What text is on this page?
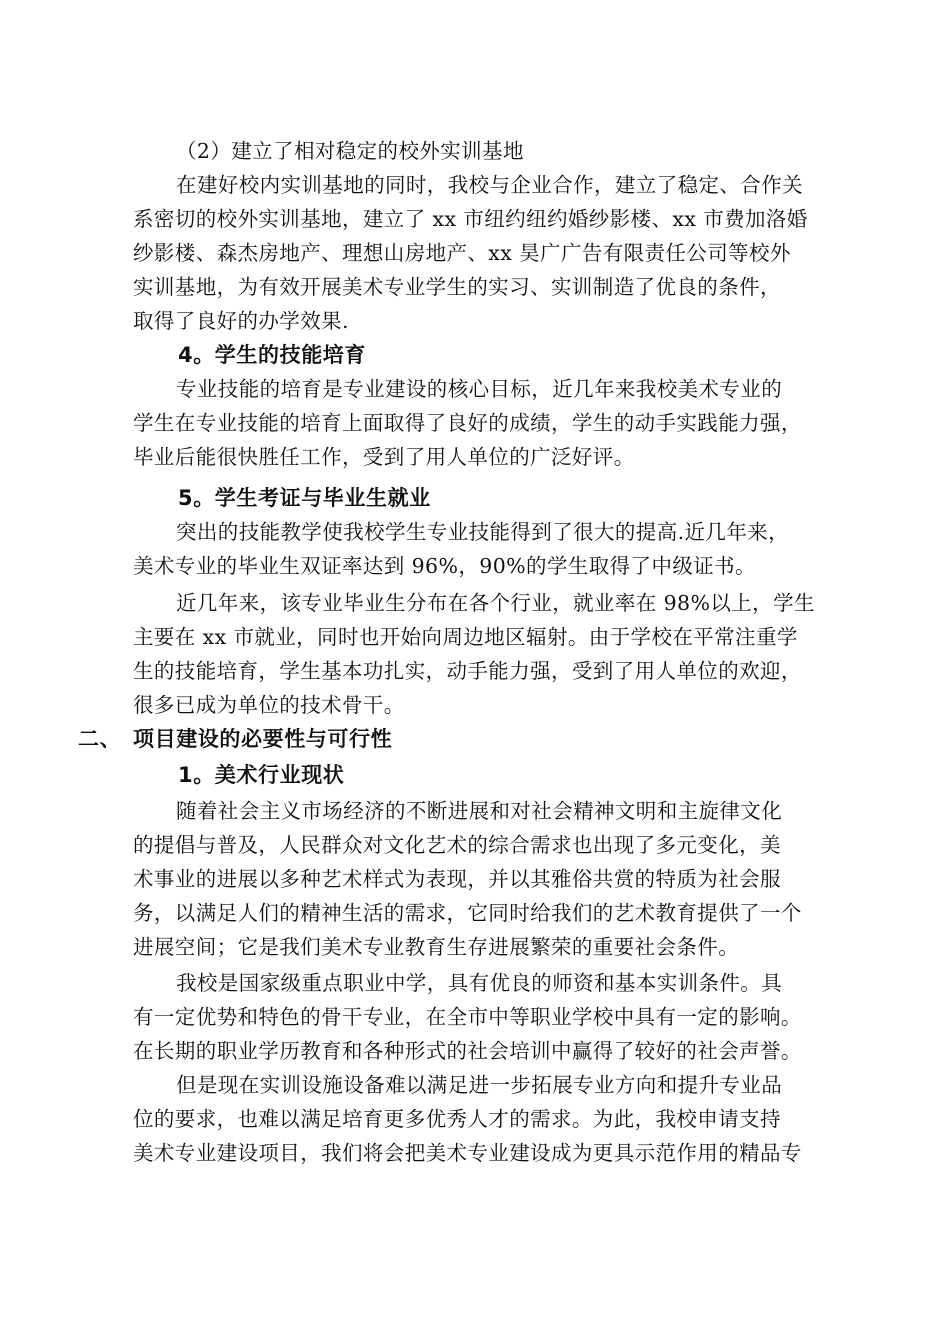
（2）建立了相对稳定的校外实训基地
在建好校内实训基地的同时，我校与企业合作，建立了稳定、合作关
系密切的校外实训基地，建立了 xx 市纽约纽约婚纱影楼、xx 市费加洛婚
纱影楼、森杰房地产、理想山房地产、xx 昊广广告有限责任公司等校外
实训基地，为有效开展美术专业学生的实习、实训制造了优良的条件，
取得了良好的办学效果.
4。学生的技能培育
专业技能的培育是专业建设的核心目标，近几年来我校美术专业的
学生在专业技能的培育上面取得了良好的成绩，学生的动手实践能力强，
毕业后能很快胜任工作，受到了用人单位的广泛好评。
5。学生考证与毕业生就业
突出的技能教学使我校学生专业技能得到了很大的提高.近几年来，
美术专业的毕业生双证率达到 96%，90%的学生取得了中级证书。
近几年来，该专业毕业生分布在各个行业，就业率在 98%以上，学生
主要在 xx 市就业，同时也开始向周边地区辐射。由于学校在平常注重学
生的技能培育，学生基本功扎实，动手能力强，受到了用人单位的欢迎，
很多已成为单位的技术骨干。
二、 项目建设的必要性与可行性
1。美术行业现状
随着社会主义市场经济的不断进展和对社会精神文明和主旋律文化
的提倡与普及，人民群众对文化艺术的综合需求也出现了多元变化，美
术事业的进展以多种艺术样式为表现，并以其雅俗共赏的特质为社会服
务，以满足人们的精神生活的需求，它同时给我们的艺术教育提供了一个
进展空间；它是我们美术专业教育生存进展繁荣的重要社会条件。
我校是国家级重点职业中学，具有优良的师资和基本实训条件。具
有一定优势和特色的骨干专业，在全市中等职业学校中具有一定的影响。
在长期的职业学历教育和各种形式的社会培训中赢得了较好的社会声誉。
但是现在实训设施设备难以满足进一步拓展专业方向和提升专业品
位的要求，也难以满足培育更多优秀人才的需求。为此，我校申请支持
美术专业建设项目，我们将会把美术专业建设成为更具示范作用的精品专
